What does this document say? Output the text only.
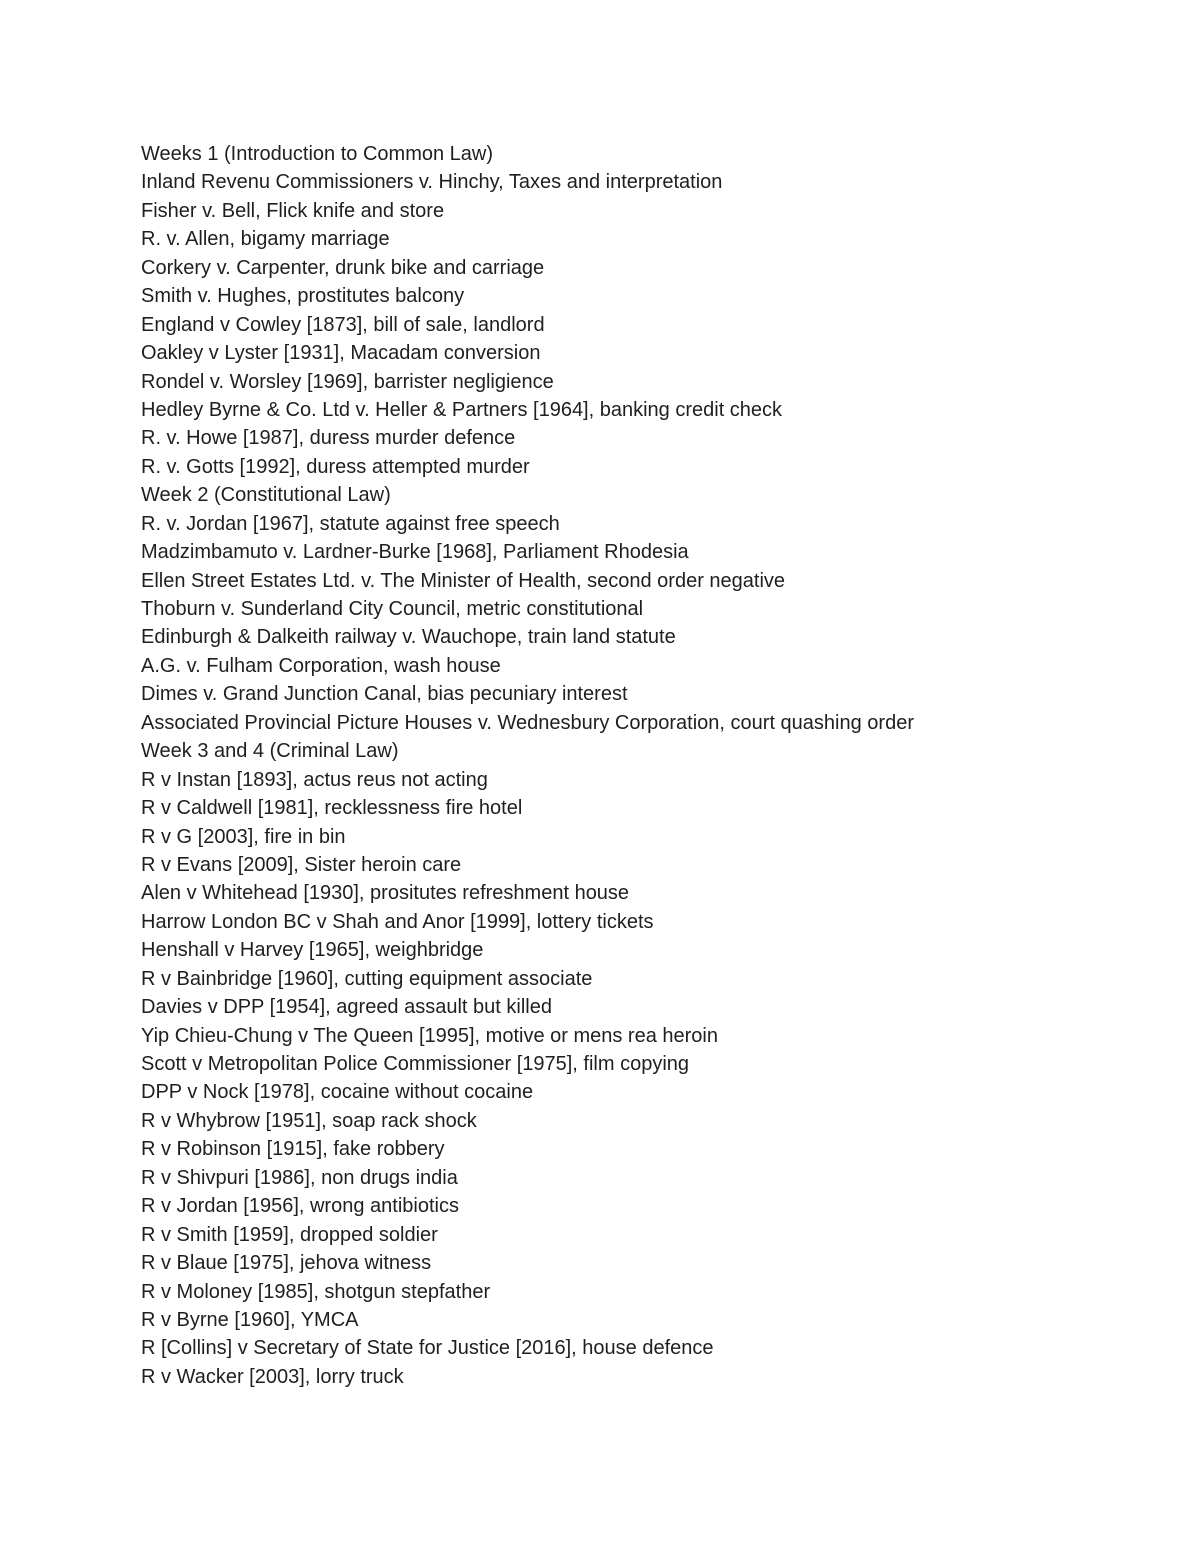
Weeks 1 (Introduction to Common Law)
Inland Revenu Commissioners v. Hinchy, Taxes and interpretation
Fisher v. Bell, Flick knife and store
R. v. Allen, bigamy marriage
Corkery v. Carpenter, drunk bike and carriage
Smith v. Hughes, prostitutes balcony
England v Cowley [1873], bill of sale, landlord
Oakley v Lyster [1931], Macadam conversion
Rondel v. Worsley [1969], barrister negligience
Hedley Byrne & Co. Ltd v. Heller & Partners [1964], banking credit check
R. v. Howe [1987], duress murder defence
R. v. Gotts [1992], duress attempted murder
Week 2 (Constitutional Law)
R. v. Jordan [1967], statute against free speech
Madzimbamuto v. Lardner-Burke [1968], Parliament Rhodesia
Ellen Street Estates Ltd. v. The Minister of Health, second order negative
Thoburn v. Sunderland City Council, metric constitutional
Edinburgh & Dalkeith railway v. Wauchope, train land statute
A.G. v. Fulham Corporation, wash house
Dimes v. Grand Junction Canal, bias pecuniary interest
Associated Provincial Picture Houses v. Wednesbury Corporation, court quashing order
Week 3 and 4 (Criminal Law)
R v Instan [1893], actus reus not acting
R v Caldwell [1981], recklessness fire hotel
R v G [2003], fire in bin
R v Evans [2009], Sister heroin care
Alen v Whitehead [1930], prositutes refreshment house
Harrow London BC v Shah and Anor [1999], lottery tickets
Henshall v Harvey [1965], weighbridge
R v Bainbridge [1960], cutting equipment associate
Davies v DPP [1954], agreed assault but killed
Yip Chieu-Chung v The Queen [1995], motive or mens rea heroin
Scott v Metropolitan Police Commissioner [1975], film copying
DPP v Nock [1978], cocaine without cocaine
R v Whybrow [1951], soap rack shock
R v Robinson [1915], fake robbery
R v Shivpuri [1986], non drugs india
R v Jordan [1956], wrong antibiotics
R v Smith [1959], dropped soldier
R v Blaue [1975], jehova witness
R v Moloney [1985], shotgun stepfather
R v Byrne [1960], YMCA
R [Collins] v Secretary of State for Justice [2016], house defence
R v Wacker [2003], lorry truck
